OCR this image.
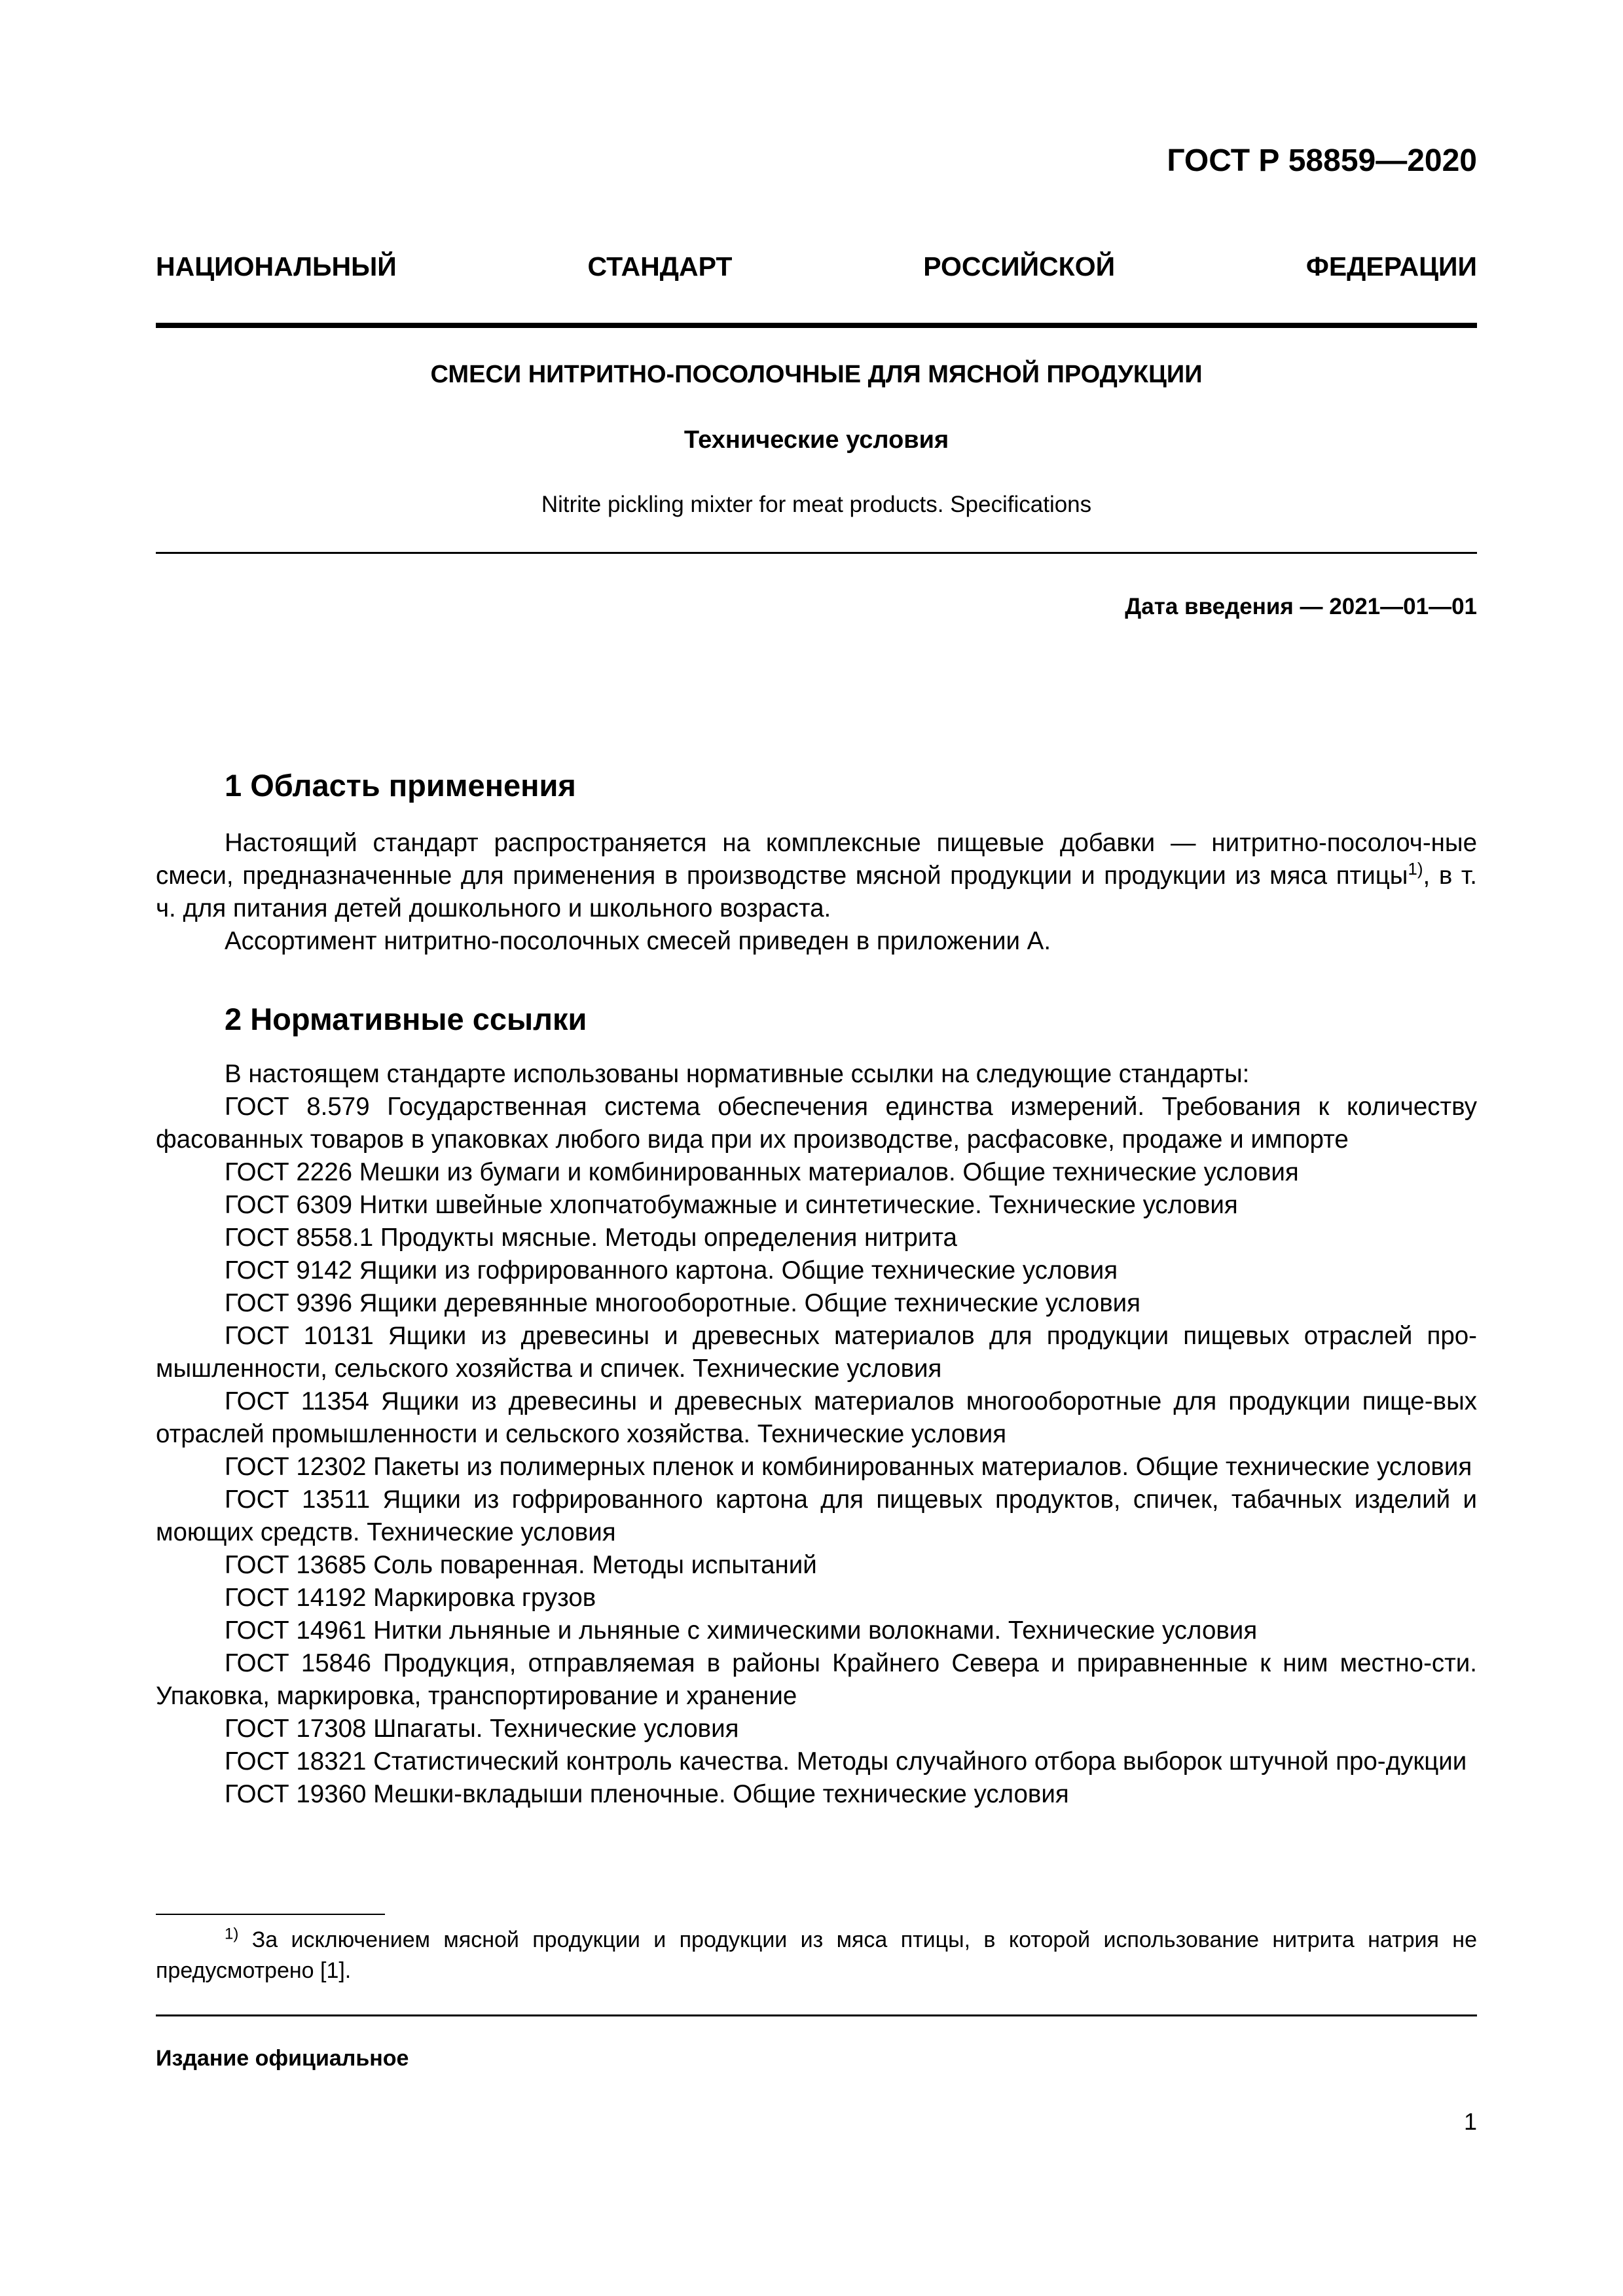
ГОСТ Р 58859—2020
НАЦИОНАЛЬНЫЙ	СТАНДАРТ	РОССИЙСКОЙ	ФЕДЕРАЦИИ
СМЕСИ НИТРИТНО-ПОСОЛОЧНЫЕ ДЛЯ МЯСНОЙ ПРОДУКЦИИ
Технические условия
Nitrite pickling mixter for meat products. Specifications
Дата введения — 2021—01—01
1 Область применения

Настоящий стандарт распространяется на комплексные пищевые добавки — нитритно-посолоч-ные смеси, предназначенные для применения в производстве мясной продукции и продукции из мяса птицы$^{1)}$, в т. ч. для питания детей дошкольного и школьного возраста.

Ассортимент нитритно-посолочных смесей приведен в приложении А.

2 Нормативные ссылки

В настоящем стандарте использованы нормативные ссылки на следующие стандарты:

ГОСТ 8.579 Государственная система обеспечения единства измерений. Требования к количеству фасованных товаров в упаковках любого вида при их производстве, расфасовке, продаже и импорте

ГОСТ 2226 Мешки из бумаги и комбинированных материалов. Общие технические условия

ГОСТ 6309 Нитки швейные хлопчатобумажные и синтетические. Технические условия

ГОСТ 8558.1 Продукты мясные. Методы определения нитрита

ГОСТ 9142 Ящики из гофрированного картона. Общие технические условия

ГОСТ 9396 Ящики деревянные многооборотные. Общие технические условия

ГОСТ 10131 Ящики из древесины и древесных материалов для продукции пищевых отраслей про-мышленности, сельского хозяйства и спичек. Технические условия

ГОСТ 11354 Ящики из древесины и древесных материалов многооборотные для продукции пище-вых отраслей промышленности и сельского хозяйства. Технические условия

ГОСТ 12302 Пакеты из полимерных пленок и комбинированных материалов. Общие технические условия

ГОСТ 13511 Ящики из гофрированного картона для пищевых продуктов, спичек, табачных изделий и моющих средств. Технические условия

ГОСТ 13685 Соль поваренная. Методы испытаний

ГОСТ 14192 Маркировка грузов

ГОСТ 14961 Нитки льняные и льняные с химическими волокнами. Технические условия

ГОСТ 15846 Продукция, отправляемая в районы Крайнего Севера и приравненные к ним местно-сти. Упаковка, маркировка, транспортирование и хранение

ГОСТ 17308 Шпагаты. Технические условия

ГОСТ 18321 Статистический контроль качества. Методы случайного отбора выборок штучной про-дукции

ГОСТ 19360 Мешки-вкладыши пленочные. Общие технические условия

$^{1)}$ За исключением мясной продукции и продукции из мяса птицы, в которой использование нитрита натрия не предусмотрено [1].

Издание официальное
1
